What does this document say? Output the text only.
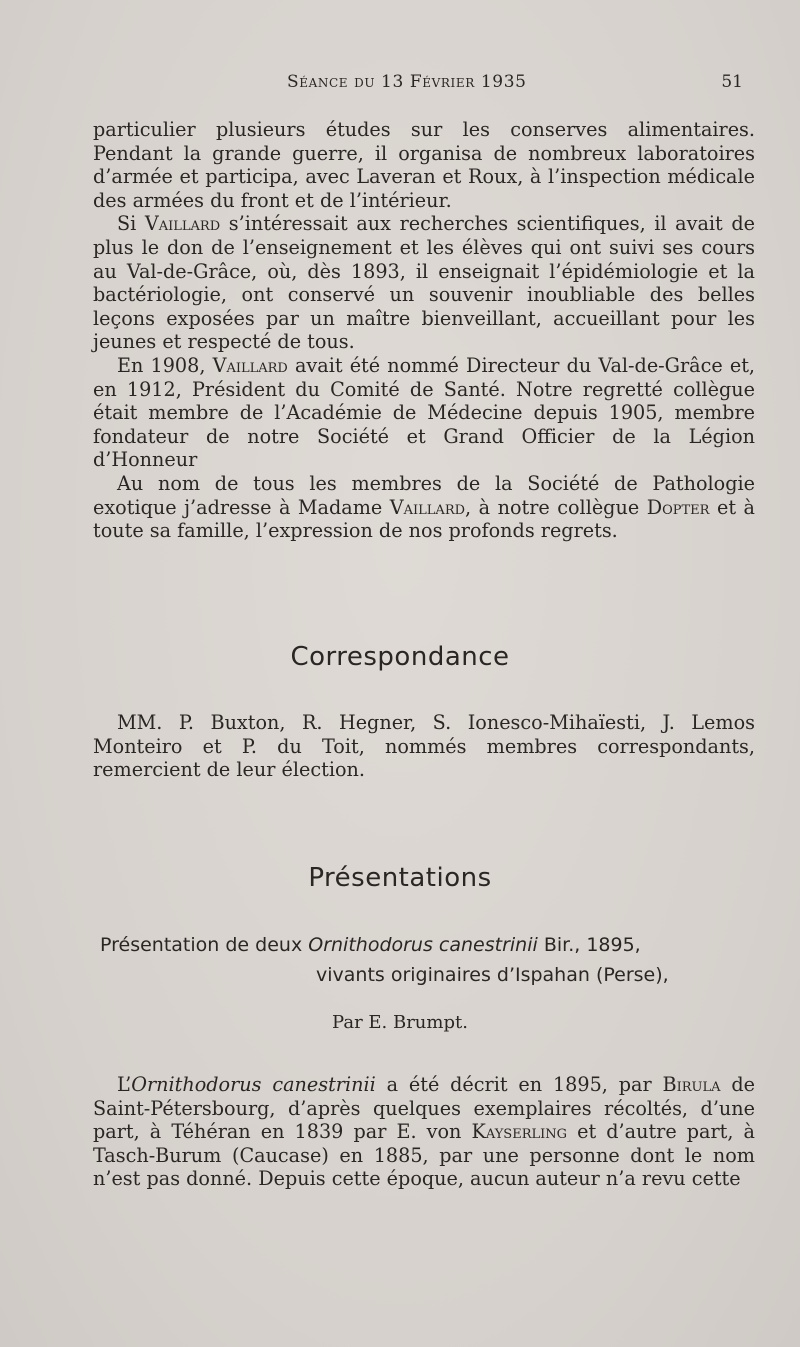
Séance du 13 Février 1935	51

particulier plusieurs études sur les conserves alimentaires. Pendant la grande guerre, il organisa de nombreux laboratoires d’armée et participa, avec Laveran et Roux, à l’inspection médicale des armées du front et de l’intérieur.

Si Vaillard s’intéressait aux recherches scientifiques, il avait de plus le don de l’enseignement et les élèves qui ont suivi ses cours au Val-de-Grâce, où, dès 1893, il enseignait l’épidémiologie et la bactériologie, ont conservé un souvenir inoubliable des belles leçons exposées par un maître bienveillant, accueillant pour les jeunes et respecté de tous.

En 1908, Vaillard avait été nommé Directeur du Val-de-Grâce et, en 1912, Président du Comité de Santé. Notre regretté collègue était membre de l’Académie de Médecine depuis 1905, membre fondateur de notre Société et Grand Officier de la Légion d’Honneur

Au nom de tous les membres de la Société de Pathologie exotique j’adresse à Madame Vaillard, à notre collègue Dopter et à toute sa famille, l’expression de nos profonds regrets.

Correspondance

MM. P. Buxton, R. Hegner, S. Ionesco-Mihaïesti, J. Lemos Monteiro et P. du Toit, nommés membres correspondants, remercient de leur élection.

Présentations
Présentation de deux Ornithodorus canestrinii Bir., 1895,
vivants originaires d’Ispahan (Perse),
Par E. Brumpt.

L’Ornithodorus canestrinii a été décrit en 1895, par Birula de Saint-Pétersbourg, d’après quelques exemplaires récoltés, d’une part, à Téhéran en 1839 par E. von Kayserling et d’autre part, à Tasch-Burum (Caucase) en 1885, par une personne dont le nom n’est pas donné. Depuis cette époque, aucun auteur n’a revu cette
